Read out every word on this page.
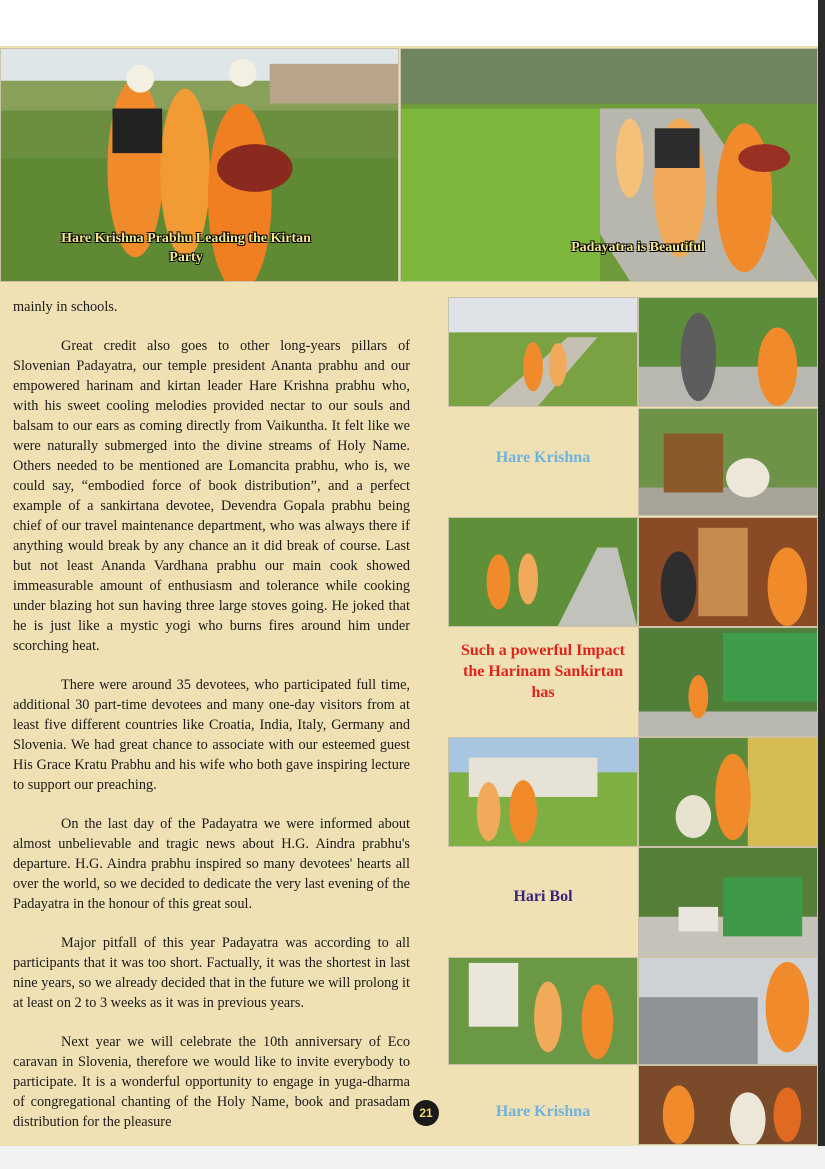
Hare Krishna Prabhu Leading the Kirtan Party
Padayatra is Beautiful

mainly in schools.

Great credit also goes to other long-years pillars of Slovenian Padayatra, our temple president Ananta prabhu and our empowered harinam and kirtan leader Hare Krishna prabhu who, with his sweet cooling melodies provided nectar to our souls and balsam to our ears as coming directly from Vaikuntha. It felt like we were naturally submerged into the divine streams of Holy Name. Others needed to be mentioned are Lomancita prabhu, who is, we could say, “embodied force of book distribution”, and a perfect example of a sankirtana devotee, Devendra Gopala prabhu being chief of our travel maintenance department, who was always there if anything would break by any chance an it did break of course. Last but not least Ananda Vardhana prabhu our main cook showed immeasurable amount of enthusiasm and tolerance while cooking under blazing hot sun having three large stoves going. He joked that he is just like a mystic yogi who burns fires around him under scorching heat.

There were around 35 devotees, who participated full time, additional 30 part-time devotees and many one-day visitors from at least five different countries like Croatia, India, Italy, Germany and Slovenia. We had great chance to associate with our esteemed guest His Grace Kratu Prabhu and his wife who both gave inspiring lecture to support our preaching.

On the last day of the Padayatra we were informed about almost unbelievable and tragic news about H.G. Aindra prabhu's departure. H.G. Aindra prabhu inspired so many devotees' hearts all over the world, so we decided to dedicate the very last evening of the Padayatra in the honour of this great soul.

Major pitfall of this year Padayatra was according to all participants that it was too short. Factually, it was the shortest in last nine years, so we already decided that in the future we will prolong it at least on 2 to 3 weeks as it was in previous years.

Next year we will celebrate the 10th anniversary of Eco caravan in Slovenia, therefore we would like to invite everybody to participate. It is a wonderful opportunity to engage in yuga-dharma of congregational chanting of the Holy Name, book and prasadam distribution for the pleasure

Hare Krishna
Such a powerful Impact the Harinam Sankirtan has
Hari Bol
Hare Krishna
21
